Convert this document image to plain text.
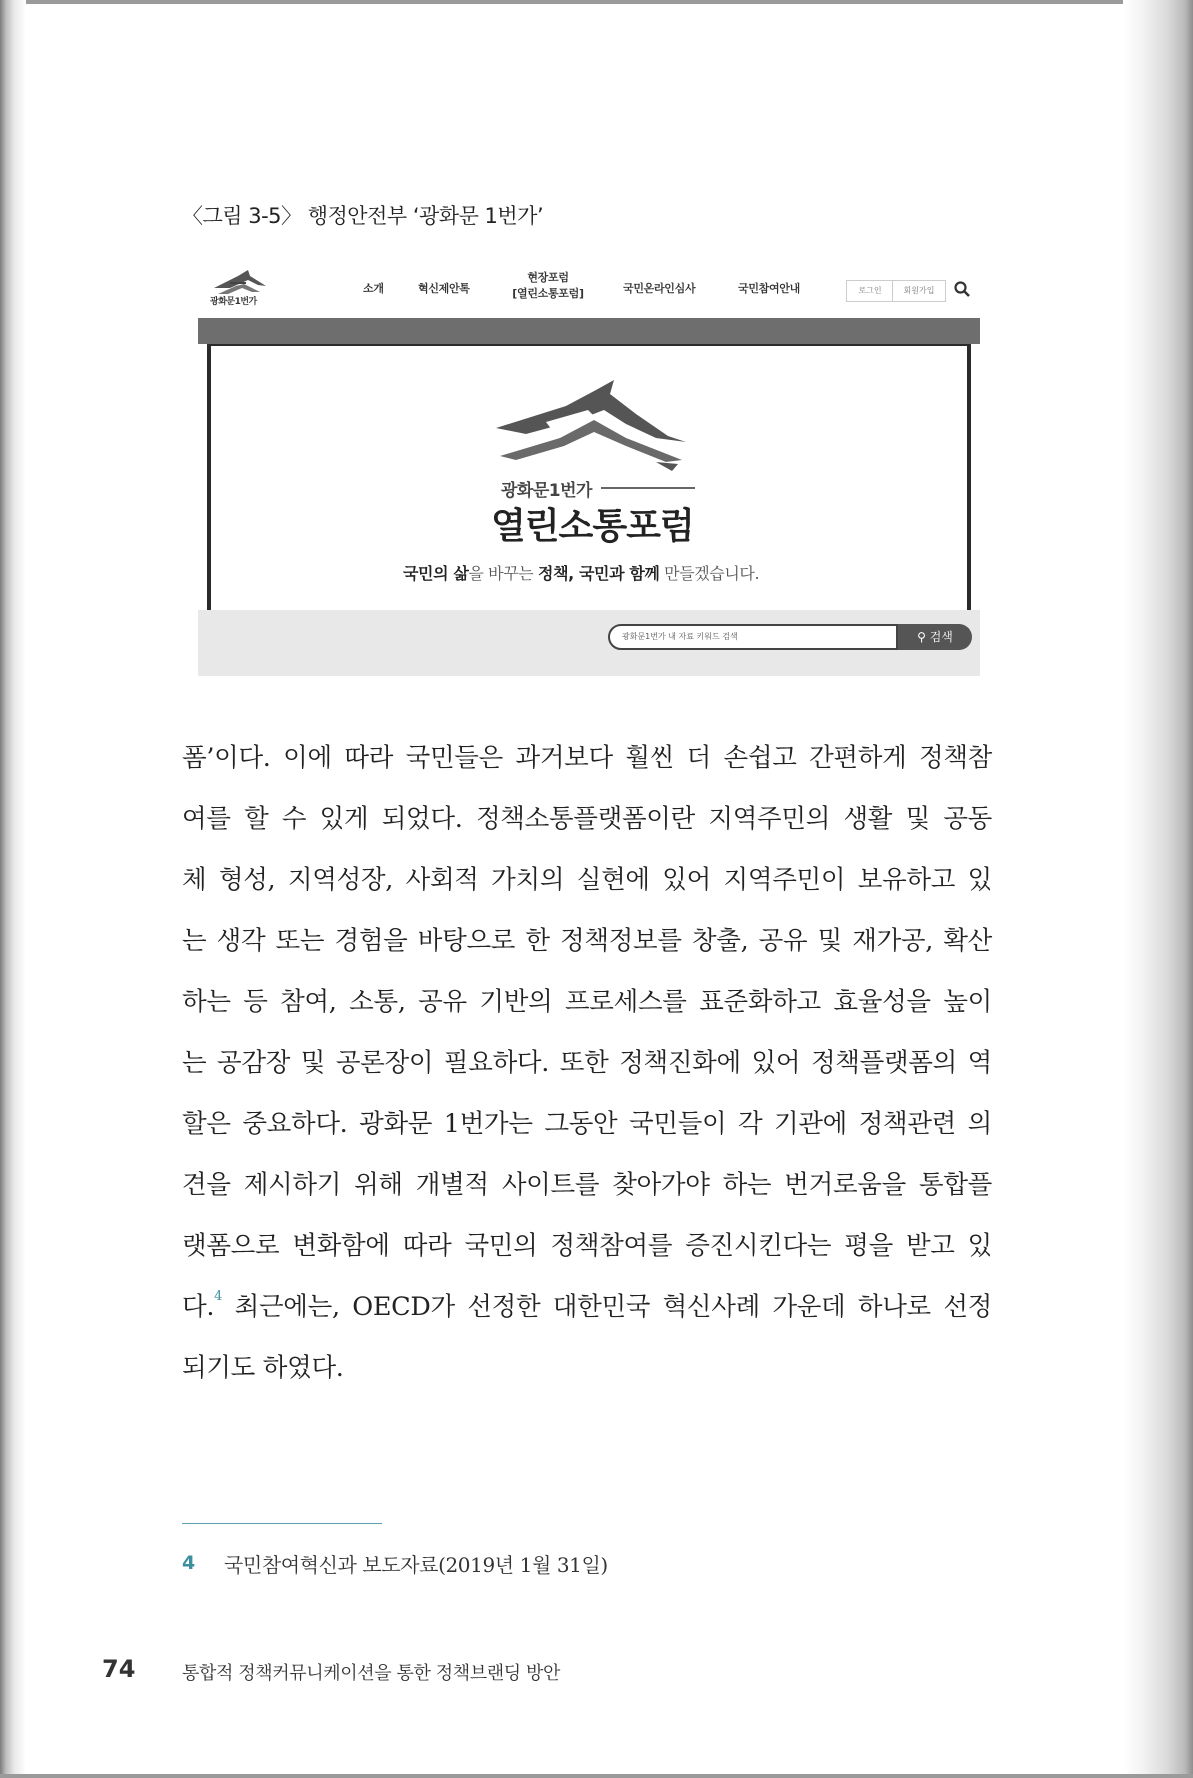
〈그림 3-5〉 행정안전부 ‘광화문 1번가’
광화문1번가
소개	혁신제안톡
현장포럼
[열린소통포럼]	국민온라인심사	국민참여안내	로그인	회원가입
광화문1번가
열린소통포럼
국민의 삶을 바꾸는 정책, 국민과 함께 만들겠습니다.
광화문1번가 내 자료 키워드 검색	⚲ 검색
폼’이다. 이에 따라 국민들은 과거보다 훨씬 더 손쉽고 간편하게 정책참
여를 할 수 있게 되었다. 정책소통플랫폼이란 지역주민의 생활 및 공동
체 형성, 지역성장, 사회적 가치의 실현에 있어 지역주민이 보유하고 있
는 생각 또는 경험을 바탕으로 한 정책정보를 창출, 공유 및 재가공, 확산
하는 등 참여, 소통, 공유 기반의 프로세스를 표준화하고 효율성을 높이
는 공감장 및 공론장이 필요하다. 또한 정책진화에 있어 정책플랫폼의 역
할은 중요하다. 광화문 1번가는 그동안 국민들이 각 기관에 정책관련 의
견을 제시하기 위해 개별적 사이트를 찾아가야 하는 번거로움을 통합플
랫폼으로 변화함에 따라 국민의 정책참여를 증진시킨다는 평을 받고 있
다.$^4$ 최근에는, OECD가 선정한 대한민국 혁신사례 가운데 하나로 선정
되기도 하였다.
4 국민참여혁신과 보도자료(2019년 1월 31일)
74	통합적 정책커뮤니케이션을 통한 정책브랜딩 방안
